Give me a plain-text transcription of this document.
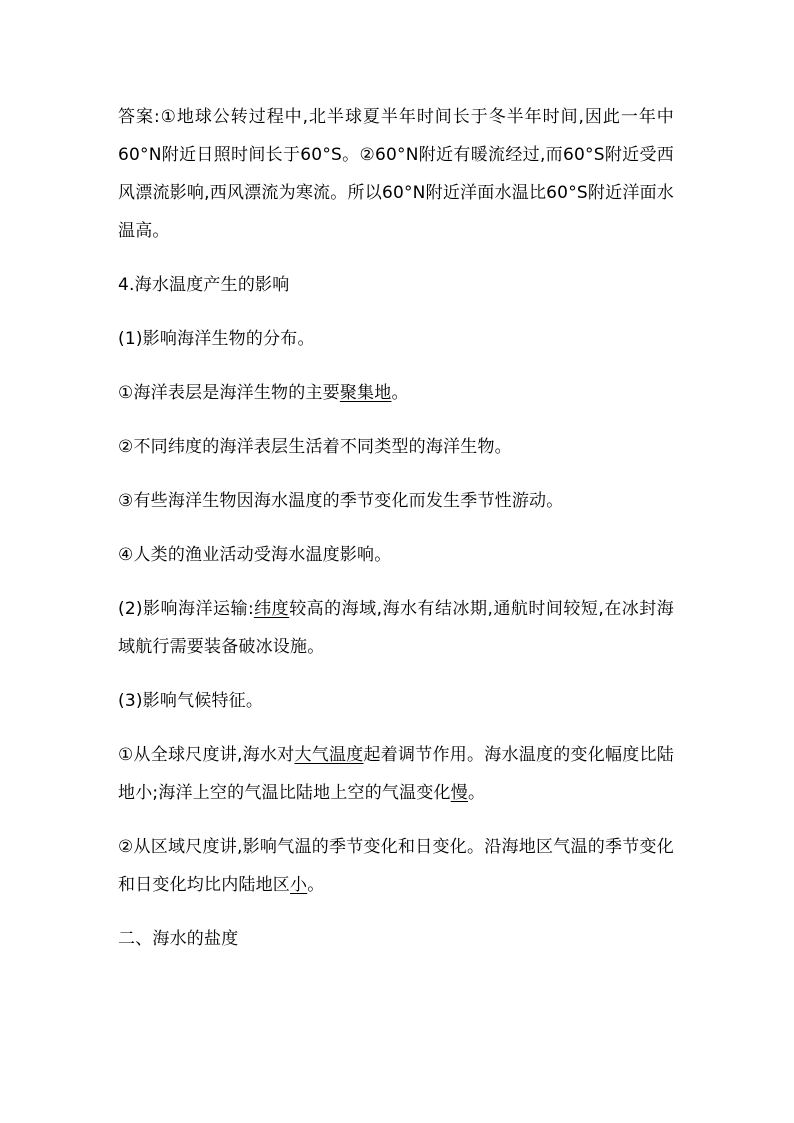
答案:①地球公转过程中,北半球夏半年时间长于冬半年时间,因此一年中60°N附近日照时间长于60°S。②60°N附近有暖流经过,而60°S附近受西风漂流影响,西风漂流为寒流。所以60°N附近洋面水温比60°S附近洋面水温高。

4.海水温度产生的影响

(1)影响海洋生物的分布。

①海洋表层是海洋生物的主要聚集地。

②不同纬度的海洋表层生活着不同类型的海洋生物。

③有些海洋生物因海水温度的季节变化而发生季节性游动。

④人类的渔业活动受海水温度影响。

(2)影响海洋运输:纬度较高的海域,海水有结冰期,通航时间较短,在冰封海域航行需要装备破冰设施。

(3)影响气候特征。

①从全球尺度讲,海水对大气温度起着调节作用。海水温度的变化幅度比陆地小;海洋上空的气温比陆地上空的气温变化慢。

②从区域尺度讲,影响气温的季节变化和日变化。沿海地区气温的季节变化和日变化均比内陆地区小。

二、海水的盐度
